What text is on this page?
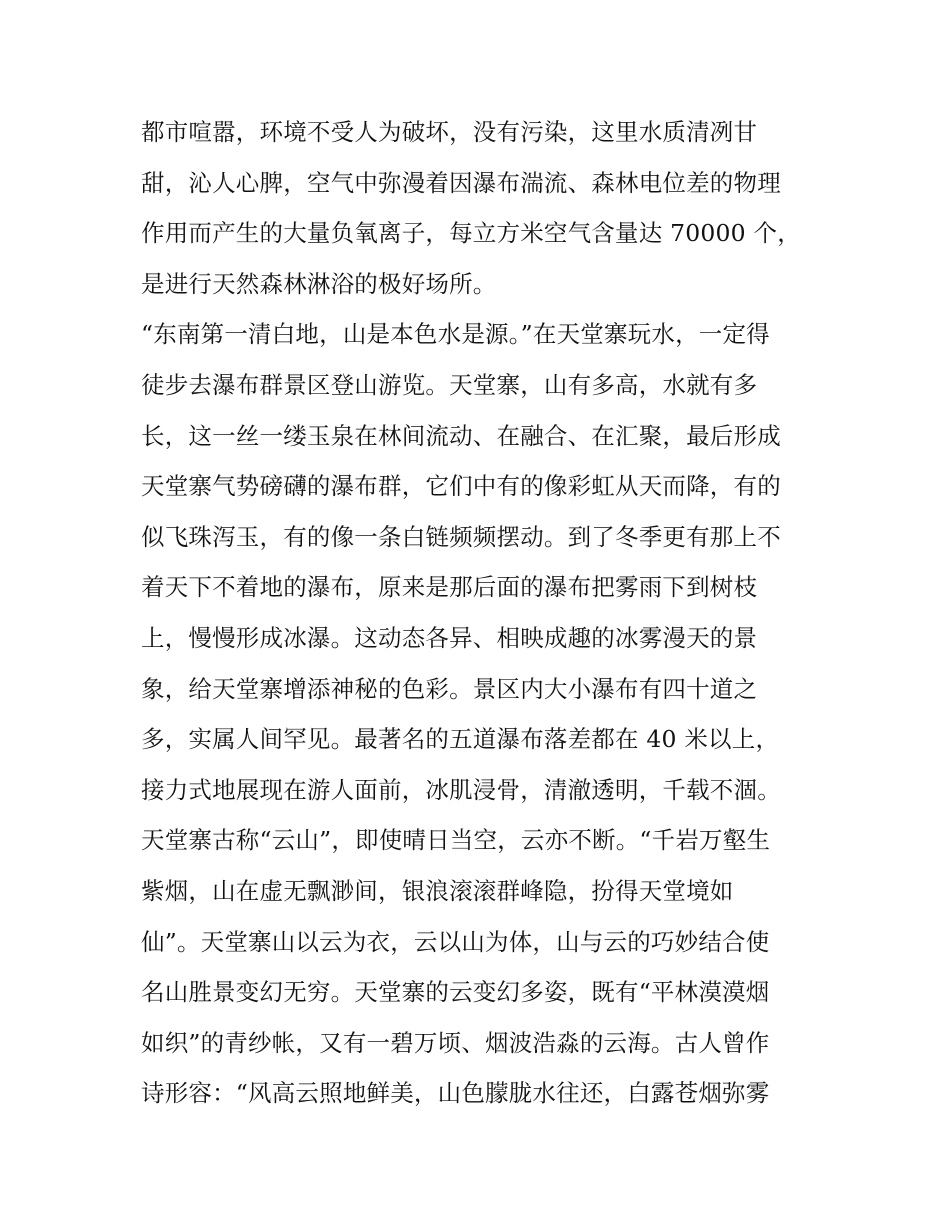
都市喧嚣，环境不受人为破坏，没有污染，这里水质清冽甘
甜，沁人心脾，空气中弥漫着因瀑布湍流、森林电位差的物理
作用而产生的大量负氧离子，每立方米空气含量达 70000 个，
是进行天然森林淋浴的极好场所。
“东南第一清白地，山是本色水是源。”在天堂寨玩水，一定得
徒步去瀑布群景区登山游览。天堂寨，山有多高，水就有多
长，这一丝一缕玉泉在林间流动、在融合、在汇聚，最后形成
天堂寨气势磅礴的瀑布群，它们中有的像彩虹从天而降，有的
似飞珠泻玉，有的像一条白链频频摆动。到了冬季更有那上不
着天下不着地的瀑布，原来是那后面的瀑布把雾雨下到树枝
上，慢慢形成冰瀑。这动态各异、相映成趣的冰雾漫天的景
象，给天堂寨增添神秘的色彩。景区内大小瀑布有四十道之
多，实属人间罕见。最著名的五道瀑布落差都在 40 米以上，
接力式地展现在游人面前，冰肌浸骨，清澈透明，千载不涸。
天堂寨古称“云山”，即使晴日当空，云亦不断。“千岩万壑生
紫烟，山在虚无飘渺间，银浪滚滚群峰隐，扮得天堂境如
仙”。天堂寨山以云为衣，云以山为体，山与云的巧妙结合使
名山胜景变幻无穷。天堂寨的云变幻多姿，既有“平林漠漠烟
如织”的青纱帐，又有一碧万顷、烟波浩淼的云海。古人曾作
诗形容：“风高云照地鲜美，山色朦胧水往还，白露苍烟弥雾
